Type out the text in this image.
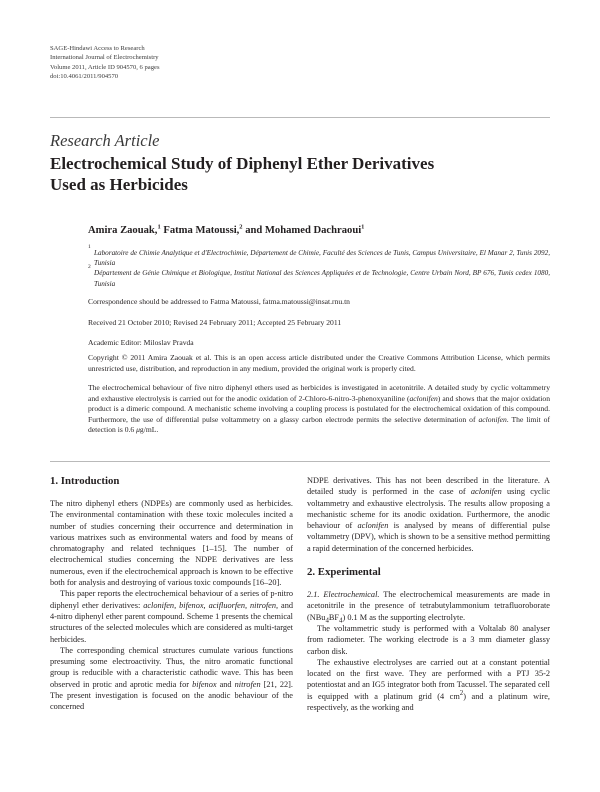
SAGE-Hindawi Access to Research
International Journal of Electrochemistry
Volume 2011, Article ID 904570, 6 pages
doi:10.4061/2011/904570
Research Article
Electrochemical Study of Diphenyl Ether Derivatives
Used as Herbicides
Amira Zaouak,$^1$ Fatma Matoussi,$^2$ and Mohamed Dachraoui$^1$
1
Laboratoire de Chimie Analytique et d'Electrochimie, Département de Chimie, Faculté des Sciences de Tunis, Campus Universitaire, El Manar 2, Tunis 2092, Tunisia
2
Département de Génie Chimique et Biologique, Institut National des Sciences Appliquées et de Technologie, Centre Urbain Nord, BP 676, Tunis cedex 1080, Tunisia
Correspondence should be addressed to Fatma Matoussi, fatma.matoussi@insat.rnu.tn
Received 21 October 2010; Revised 24 February 2011; Accepted 25 February 2011
Academic Editor: Miloslav Pravda
Copyright © 2011 Amira Zaouak et al. This is an open access article distributed under the Creative Commons Attribution License, which permits unrestricted use, distribution, and reproduction in any medium, provided the original work is properly cited.
The electrochemical behaviour of five nitro diphenyl ethers used as herbicides is investigated in acetonitrile. A detailed study by cyclic voltammetry and exhaustive electrolysis is carried out for the anodic oxidation of 2-Chloro-6-nitro-3-phenoxyaniline (aclonifen) and shows that the major oxidation product is a dimeric compound. A mechanistic scheme involving a coupling process is postulated for the electrochemical oxidation of this compound. Furthermore, the use of differential pulse voltammetry on a glassy carbon electrode permits the selective determination of aclonifen. The limit of detection is 0.6 μg/mL.
1. Introduction

The nitro diphenyl ethers (NDPEs) are commonly used as herbicides. The environmental contamination with these toxic molecules incited a number of studies concerning their occurrence and determination in various matrixes such as environmental waters and food by means of chromatography and related techniques [1–15]. The number of electrochemical studies concerning the NDPE derivatives are less numerous, even if the electrochemical approach is known to be effective both for analysis and destroying of various toxic compounds [16–20].

This paper reports the electrochemical behaviour of a series of p-nitro diphenyl ether derivatives: aclonifen, bifenox, acifluorfen, nitrofen, and 4-nitro diphenyl ether parent compound. Scheme 1 presents the chemical structures of the selected molecules which are considered as multi-target herbicides.

The corresponding chemical structures cumulate various functions presuming some electroactivity. Thus, the nitro aromatic functional group is reducible with a characteristic cathodic wave. This has been observed in protic and aprotic media for bifenox and nitrofen [21, 22]. The present investigation is focused on the anodic behaviour of the concerned

NDPE derivatives. This has not been described in the literature. A detailed study is performed in the case of aclonifen using cyclic voltammetry and exhaustive electrolysis. The results allow proposing a mechanistic scheme for its anodic oxidation. Furthermore, the anodic behaviour of aclonifen is analysed by means of differential pulse voltammetry (DPV), which is shown to be a sensitive method permitting a rapid determination of the concerned herbicides.

2. Experimental

2.1. Electrochemical. The electrochemical measurements are made in acetonitrile in the presence of tetrabutylammonium tetrafluoroborate $(NBu_4BF_4)$ 0.1 M as the supporting electrolyte.

The voltammetric study is performed with a Voltalab 80 analyser from radiometer. The working electrode is a 3 mm diameter glassy carbon disk.

The exhaustive electrolyses are carried out at a constant potential located on the first wave. They are performed with a PTJ 35-2 potentiostat and an IG5 integrator both from Tacussel. The separated cell is equipped with a platinum grid (4 $cm^2$) and a platinum wire, respectively, as the working and
